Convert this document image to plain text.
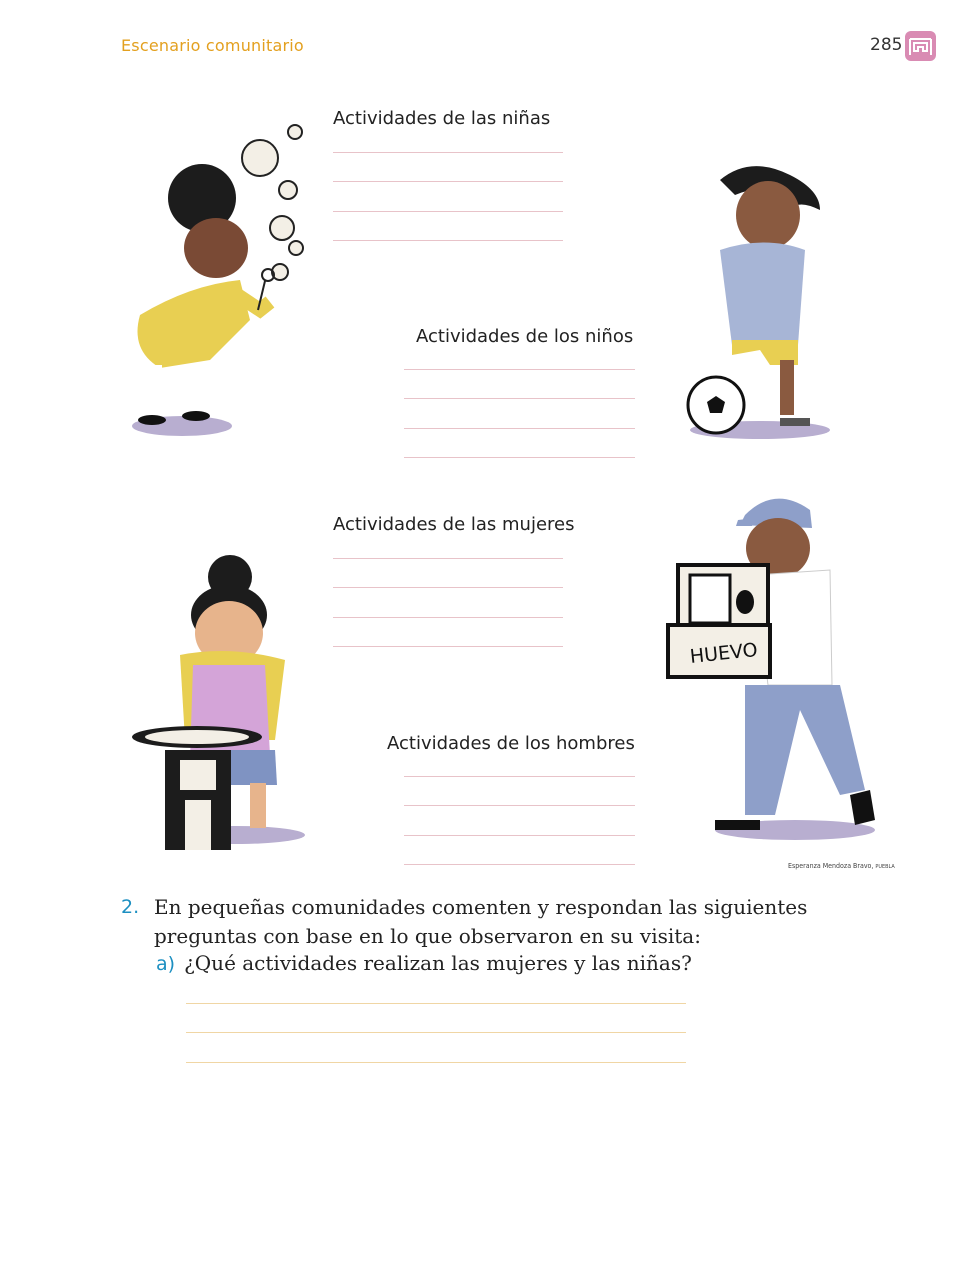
Escenario comunitario	285
Actividades de las niñas
Actividades de los niños
Actividades de las mujeres
Actividades de los hombres
HUEVO
Esperanza Mendoza Bravo, PUEBLA
2. En pequeñas comunidades comenten y respondan las siguientes preguntas con base en lo que observaron en su visita:
a) ¿Qué actividades realizan las mujeres y las niñas?
